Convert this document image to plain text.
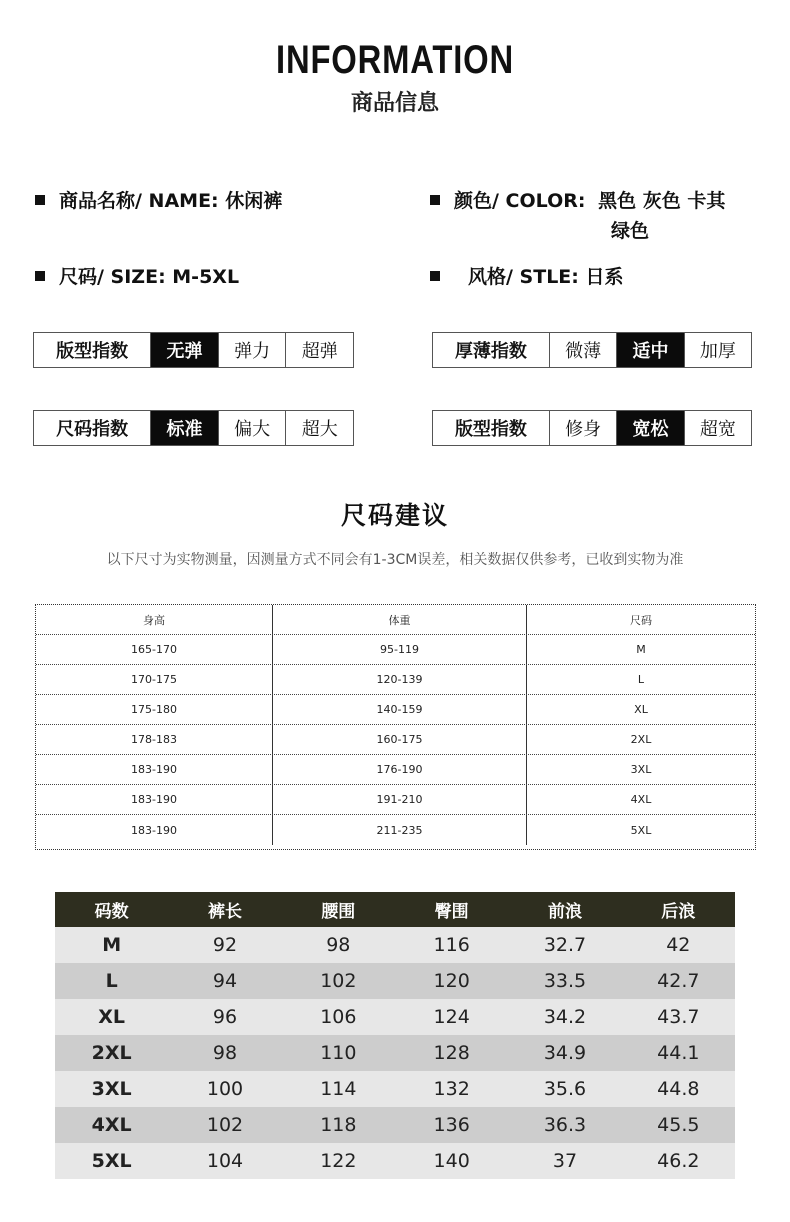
INFORMATION
商品信息
商品名称/ NAME: 休闲裤	颜色/ COLOR: 黑色 灰色 卡其
绿色
尺码/ SIZE: M-5XL	风格/ STLE: 日系
版型指数	无弹	弹力	超弹	厚薄指数	微薄	适中	加厚
尺码指数	标准	偏大	超大	版型指数	修身	宽松	超宽
尺码建议
以下尺寸为实物测量，因测量方式不同会有1-3CM误差，相关数据仅供参考，已收到实物为准
身高	体重	尺码
165-170	95-119	M
170-175	120-139	L
175-180	140-159	XL
178-183	160-175	2XL
183-190	176-190	3XL
183-190	191-210	4XL
183-190	211-235	5XL
码数	裤长	腰围	臀围	前浪	后浪
M	92	98	116	32.7	42
L	94	102	120	33.5	42.7
XL	96	106	124	34.2	43.7
2XL	98	110	128	34.9	44.1
3XL	100	114	132	35.6	44.8
4XL	102	118	136	36.3	45.5
5XL	104	122	140	37	46.2
